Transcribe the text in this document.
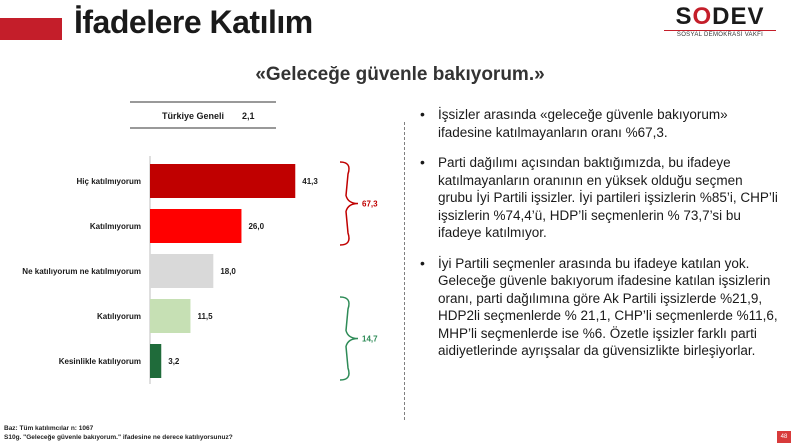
İfadelere Katılım	SODEV
SOSYAL DEMOKRASİ VAKFI
«Geleceğe güvenle bakıyorum.»
Türkiye Geneli 2,1
Hiç katılmıyorum	41,3
Katılmıyorum	26,0
Ne katılıyorum ne katılmıyorum	18,0
Katılıyorum	11,5
Kesinlikle katılıyorum	3,2
67,3
14,7
• İşsizler arasında «geleceğe güvenle bakıyorum» ifadesine katılmayanların oranı %67,3.
• Parti dağılımı açısından baktığımızda, bu ifadeye katılmayanların oranının en yüksek olduğu seçmen grubu İyi Partili işsizler. İyi partileri işsizlerin %85’i, CHP’li işsizlerin %74,4’ü, HDP’li seçmenlerin % 73,7’si bu ifadeye katılmıyor.
• İyi Partili seçmenler arasında bu ifadeye katılan yok. Geleceğe güvenle bakıyorum ifadesine katılan işsizlerin oranı, parti dağılımına göre Ak Partili işsizlerde %21,9, HDP2li seçmenlerde % 21,1, CHP’li seçmenlerde %11,6, MHP’li seçmenlerde ise %6. Özetle işsizler farklı parti aidiyetlerinde ayrışsalar da güvensizlikte birleşiyorlar.
Baz: Tüm katılımcılar n: 1067
S10g. "Geleceğe güvenle bakıyorum." ifadesine ne derece katılıyorsunuz?	48
